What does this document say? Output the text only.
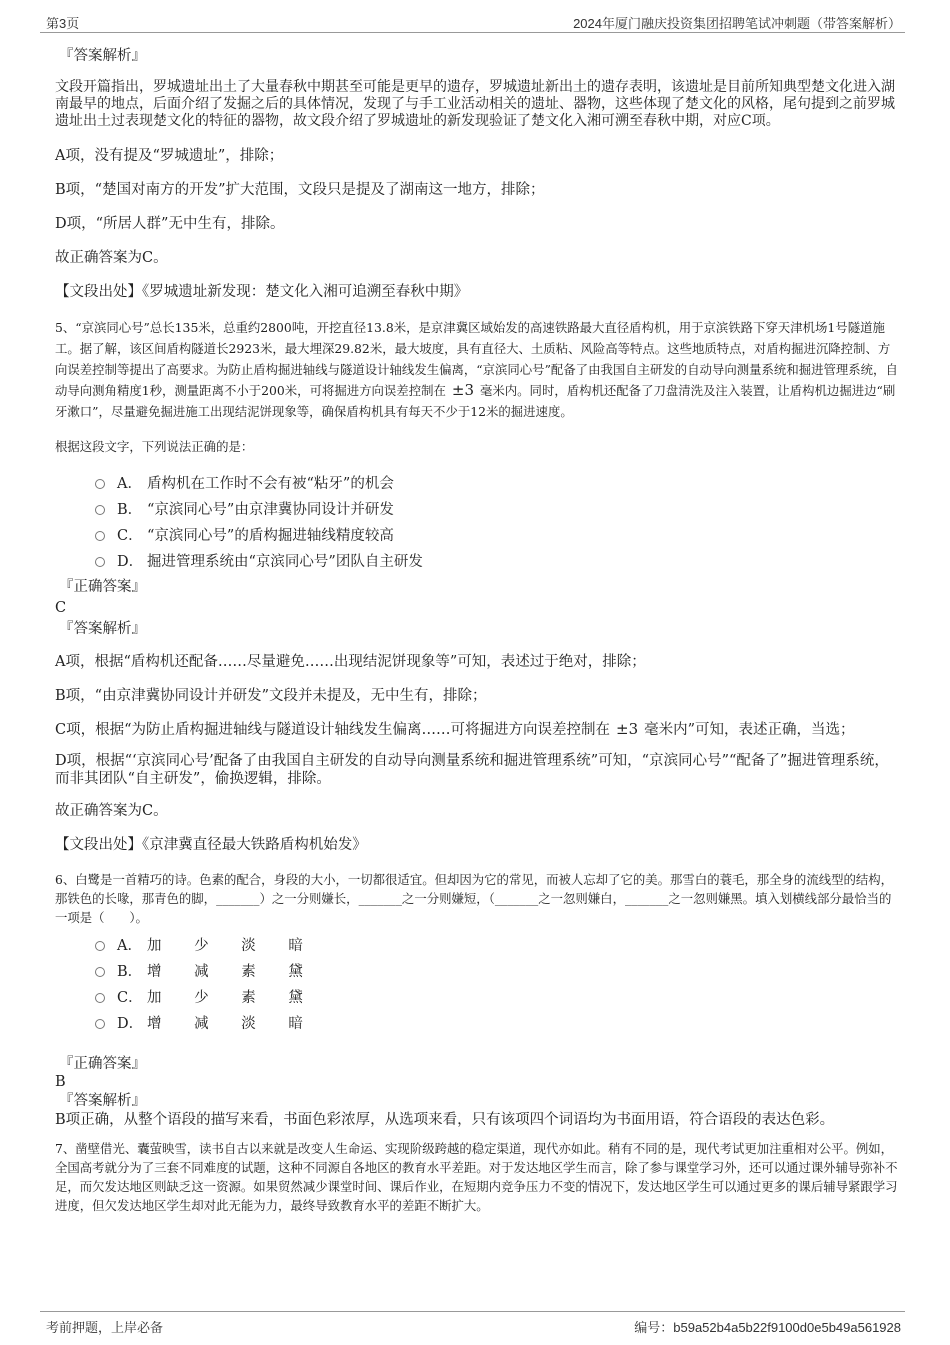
第3页	2024年厦门融庆投资集团招聘笔试冲刺题（带答案解析）
『答案解析』
文段开篇指出，罗城遗址出土了大量春秋中期甚至可能是更早的遗存，罗城遗址新出土的遗存表明，该遗址是目前所知典型楚文化进入湖南最早的地点，后面介绍了发掘之后的具体情况，发现了与手工业活动相关的遗址、器物，这些体现了楚文化的风格，尾句提到之前罗城遗址出土过表现楚文化的特征的器物，故文段介绍了罗城遗址的新发现验证了楚文化入湘可溯至春秋中期，对应C项。
A项，没有提及“罗城遗址”，排除；
B项，“楚国对南方的开发”扩大范围，文段只是提及了湖南这一地方，排除；
D项，“所居人群”无中生有，排除。
故正确答案为C。
【文段出处】《罗城遗址新发现：楚文化入湘可追溯至春秋中期》
5、“京滨同心号”总长135米，总重约2800吨，开挖直径13.8米，是京津冀区域始发的高速铁路最大直径盾构机，用于京滨铁路下穿天津机场1号隧道施工。据了解，该区间盾构隧道长2923米，最大埋深29.82米，最大坡度，具有直径大、土质粘、风险高等特点。这些地质特点，对盾构掘进沉降控制、方向误差控制等提出了高要求。为防止盾构掘进轴线与隧道设计轴线发生偏离，“京滨同心号”配备了由我国自主研发的自动导向测量系统和掘进管理系统，自动导向测角精度1秒，测量距离不小于200米，可将掘进方向误差控制在 ±3 毫米内。同时，盾构机还配备了刀盘清洗及注入装置，让盾构机边掘进边“刷牙漱口”，尽量避免掘进施工出现结泥饼现象等，确保盾构机具有每天不少于12米的掘进速度。
根据这段文字，下列说法正确的是：
A． 盾构机在工作时不会有被“粘牙”的机会
B． “京滨同心号”由京津冀协同设计并研发
C． “京滨同心号”的盾构掘进轴线精度较高
D． 掘进管理系统由“京滨同心号”团队自主研发
『正确答案』
C
『答案解析』
A项，根据“盾构机还配备……尽量避免……出现结泥饼现象等”可知，表述过于绝对，排除；
B项，“由京津冀协同设计并研发”文段并未提及，无中生有，排除；
C项，根据“为防止盾构掘进轴线与隧道设计轴线发生偏离……可将掘进方向误差控制在 ±3 毫米内”可知，表述正确，当选；
D项，根据“‘京滨同心号’配备了由我国自主研发的自动导向测量系统和掘进管理系统”可知，“京滨同心号”“配备了”掘进管理系统，而非其团队“自主研发”，偷换逻辑，排除。
故正确答案为C。
【文段出处】《京津冀直径最大铁路盾构机始发》
6、白鹭是一首精巧的诗。色素的配合，身段的大小，一切都很适宜。但却因为它的常见，而被人忘却了它的美。那雪白的蓑毛，那全身的流线型的结构，那铁色的长喙，那青色的脚，_______）之一分则嫌长，_______之一分则嫌短，（_______之一忽则嫌白，_______之一忽则嫌黑。填入划横线部分最恰当的一项是（　　）。
A． 加 少 淡 暗
B． 增 减 素 黛
C． 加 少 素 黛
D． 增 减 淡 暗
『正确答案』
B
『答案解析』
B项正确，从整个语段的描写来看，书面色彩浓厚，从选项来看，只有该项四个词语均为书面用语，符合语段的表达色彩。
7、凿壁借光、囊萤映雪，读书自古以来就是改变人生命运、实现阶级跨越的稳定渠道，现代亦如此。稍有不同的是，现代考试更加注重相对公平。例如，全国高考就分为了三套不同难度的试题，这种不同源自各地区的教育水平差距。对于发达地区学生而言，除了参与课堂学习外，还可以通过课外辅导弥补不足，而欠发达地区则缺乏这一资源。如果贸然减少课堂时间、课后作业，在短期内竞争压力不变的情况下，发达地区学生可以通过更多的课后辅导紧跟学习进度，但欠发达地区学生却对此无能为力，最终导致教育水平的差距不断扩大。
考前押题，上岸必备	编号：b59a52b4a5b22f9100d0e5b49a561928
